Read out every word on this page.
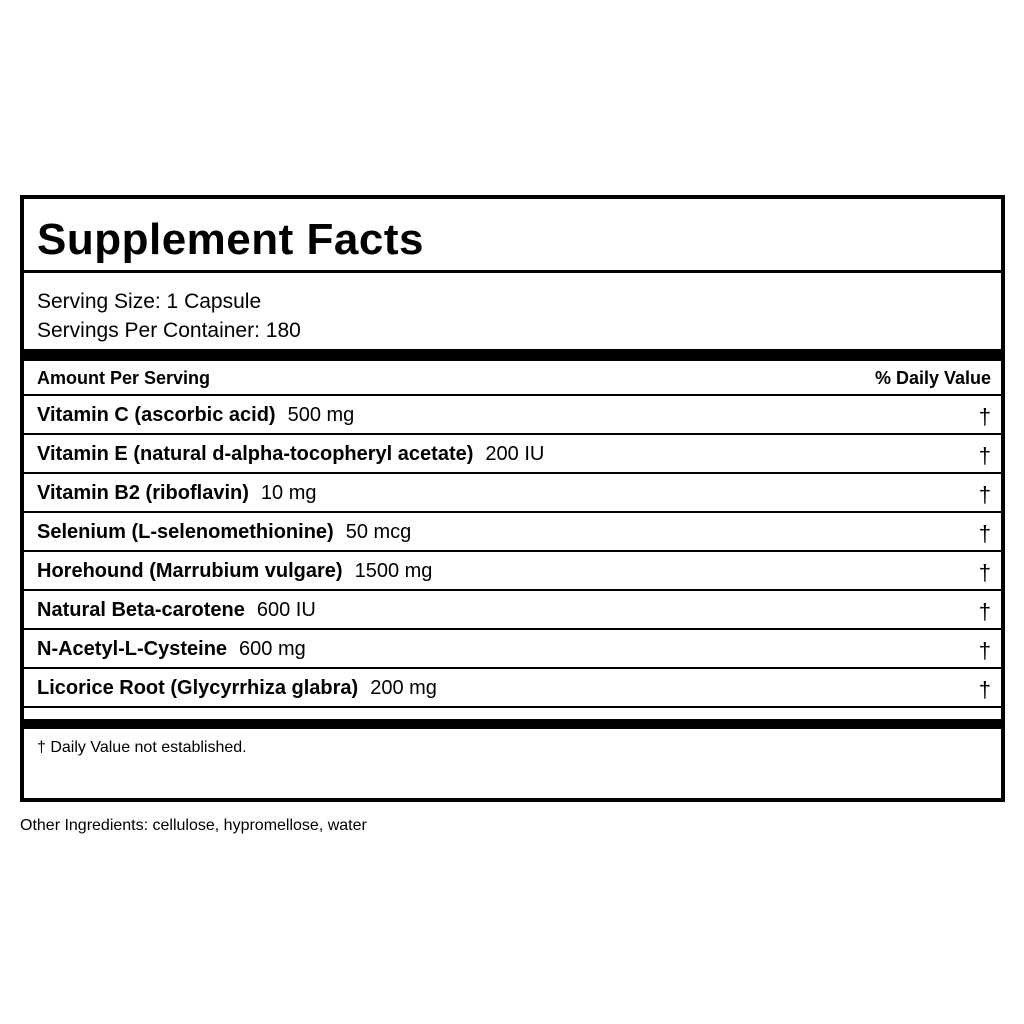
Supplement Facts
Serving Size: 1 Capsule
Servings Per Container: 180
Amount Per Serving	% Daily Value
Vitamin C (ascorbic acid) 500 mg	†
Vitamin E (natural d-alpha-tocopheryl acetate) 200 IU	†
Vitamin B2 (riboflavin) 10 mg	†
Selenium (L-selenomethionine) 50 mcg	†
Horehound (Marrubium vulgare) 1500 mg	†
Natural Beta-carotene 600 IU	†
N-Acetyl-L-Cysteine 600 mg	†
Licorice Root (Glycyrrhiza glabra) 200 mg	†
† Daily Value not established.
Other Ingredients: cellulose, hypromellose, water
